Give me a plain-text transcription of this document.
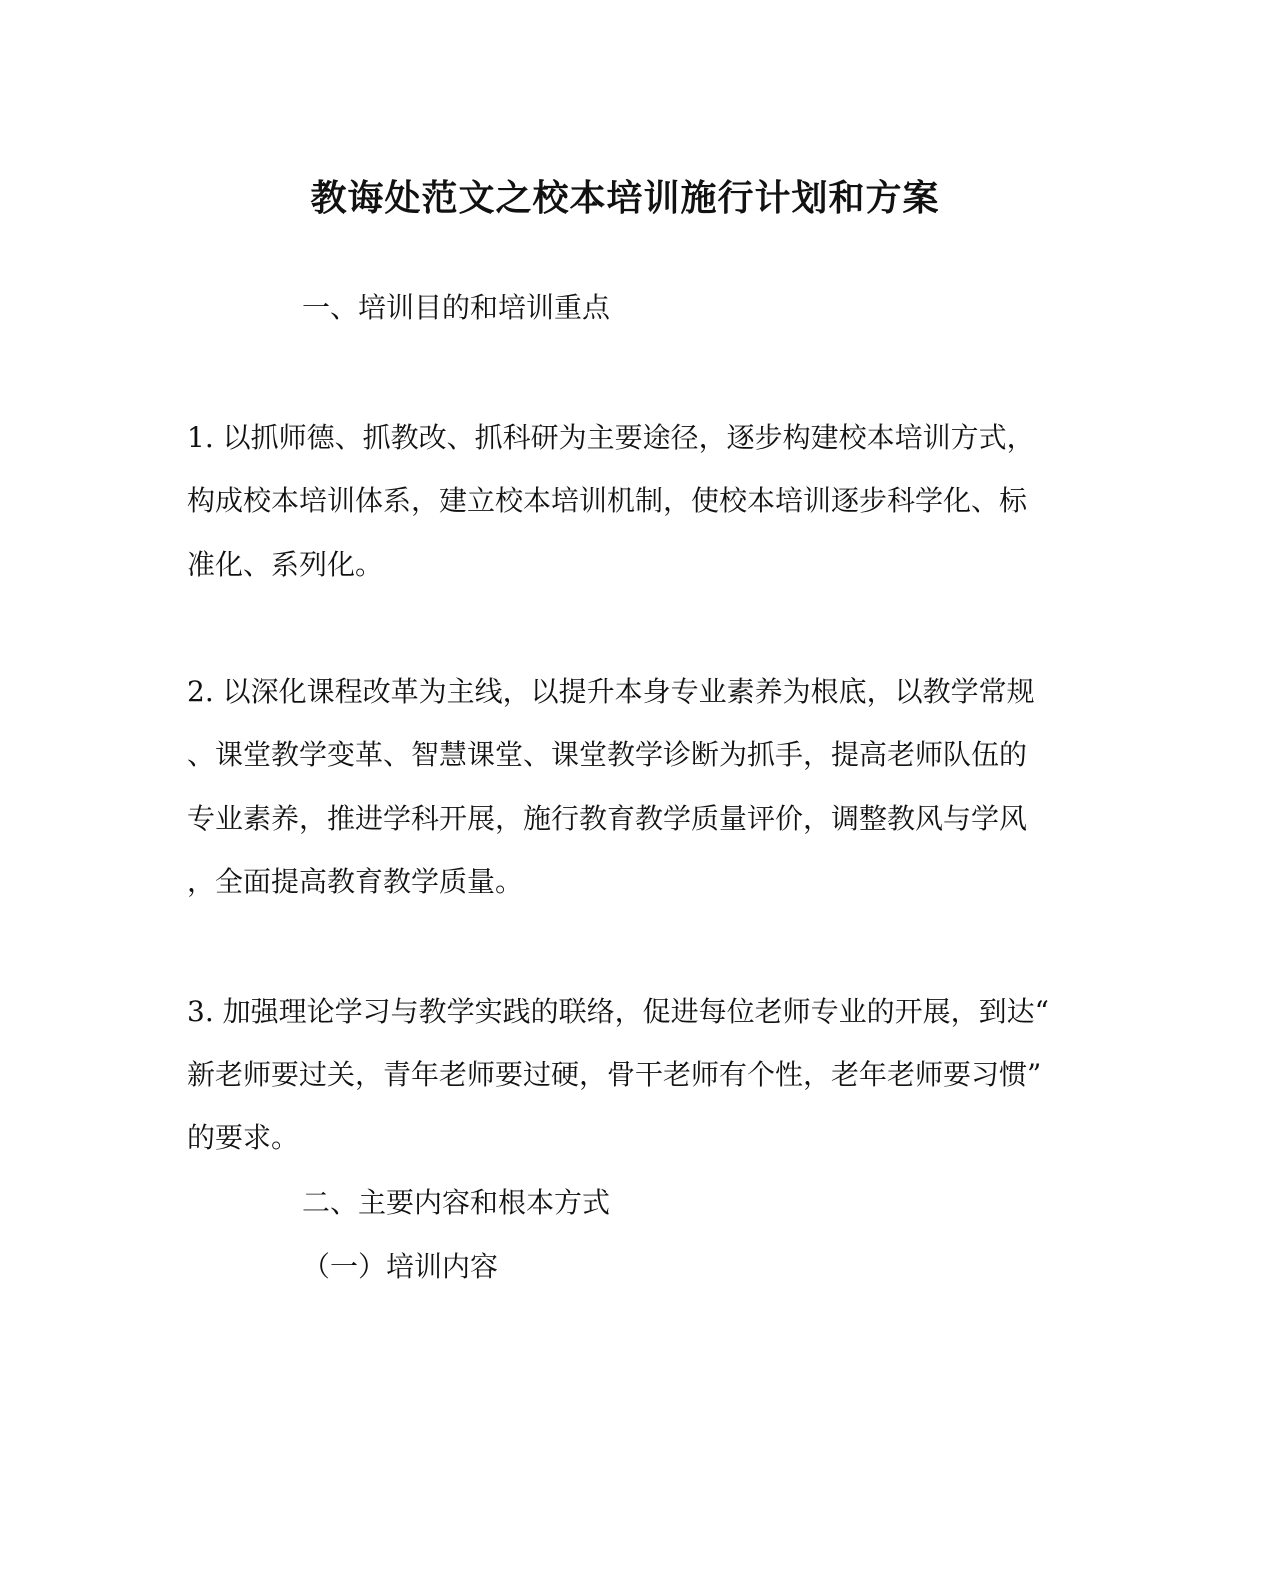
教诲处范文之校本培训施行计划和方案
一、培训目的和培训重点
1. 以抓师德、抓教改、抓科研为主要途径，逐步构建校本培训方式，
构成校本培训体系，建立校本培训机制，使校本培训逐步科学化、标
准化、系列化。
2. 以深化课程改革为主线，以提升本身专业素养为根底，以教学常规
、课堂教学变革、智慧课堂、课堂教学诊断为抓手，提高老师队伍的
专业素养，推进学科开展，施行教育教学质量评价，调整教风与学风
，全面提高教育教学质量。
3. 加强理论学习与教学实践的联络，促进每位老师专业的开展，到达“
新老师要过关，青年老师要过硬，骨干老师有个性，老年老师要习惯”
的要求。
二、主要内容和根本方式
（一）培训内容
